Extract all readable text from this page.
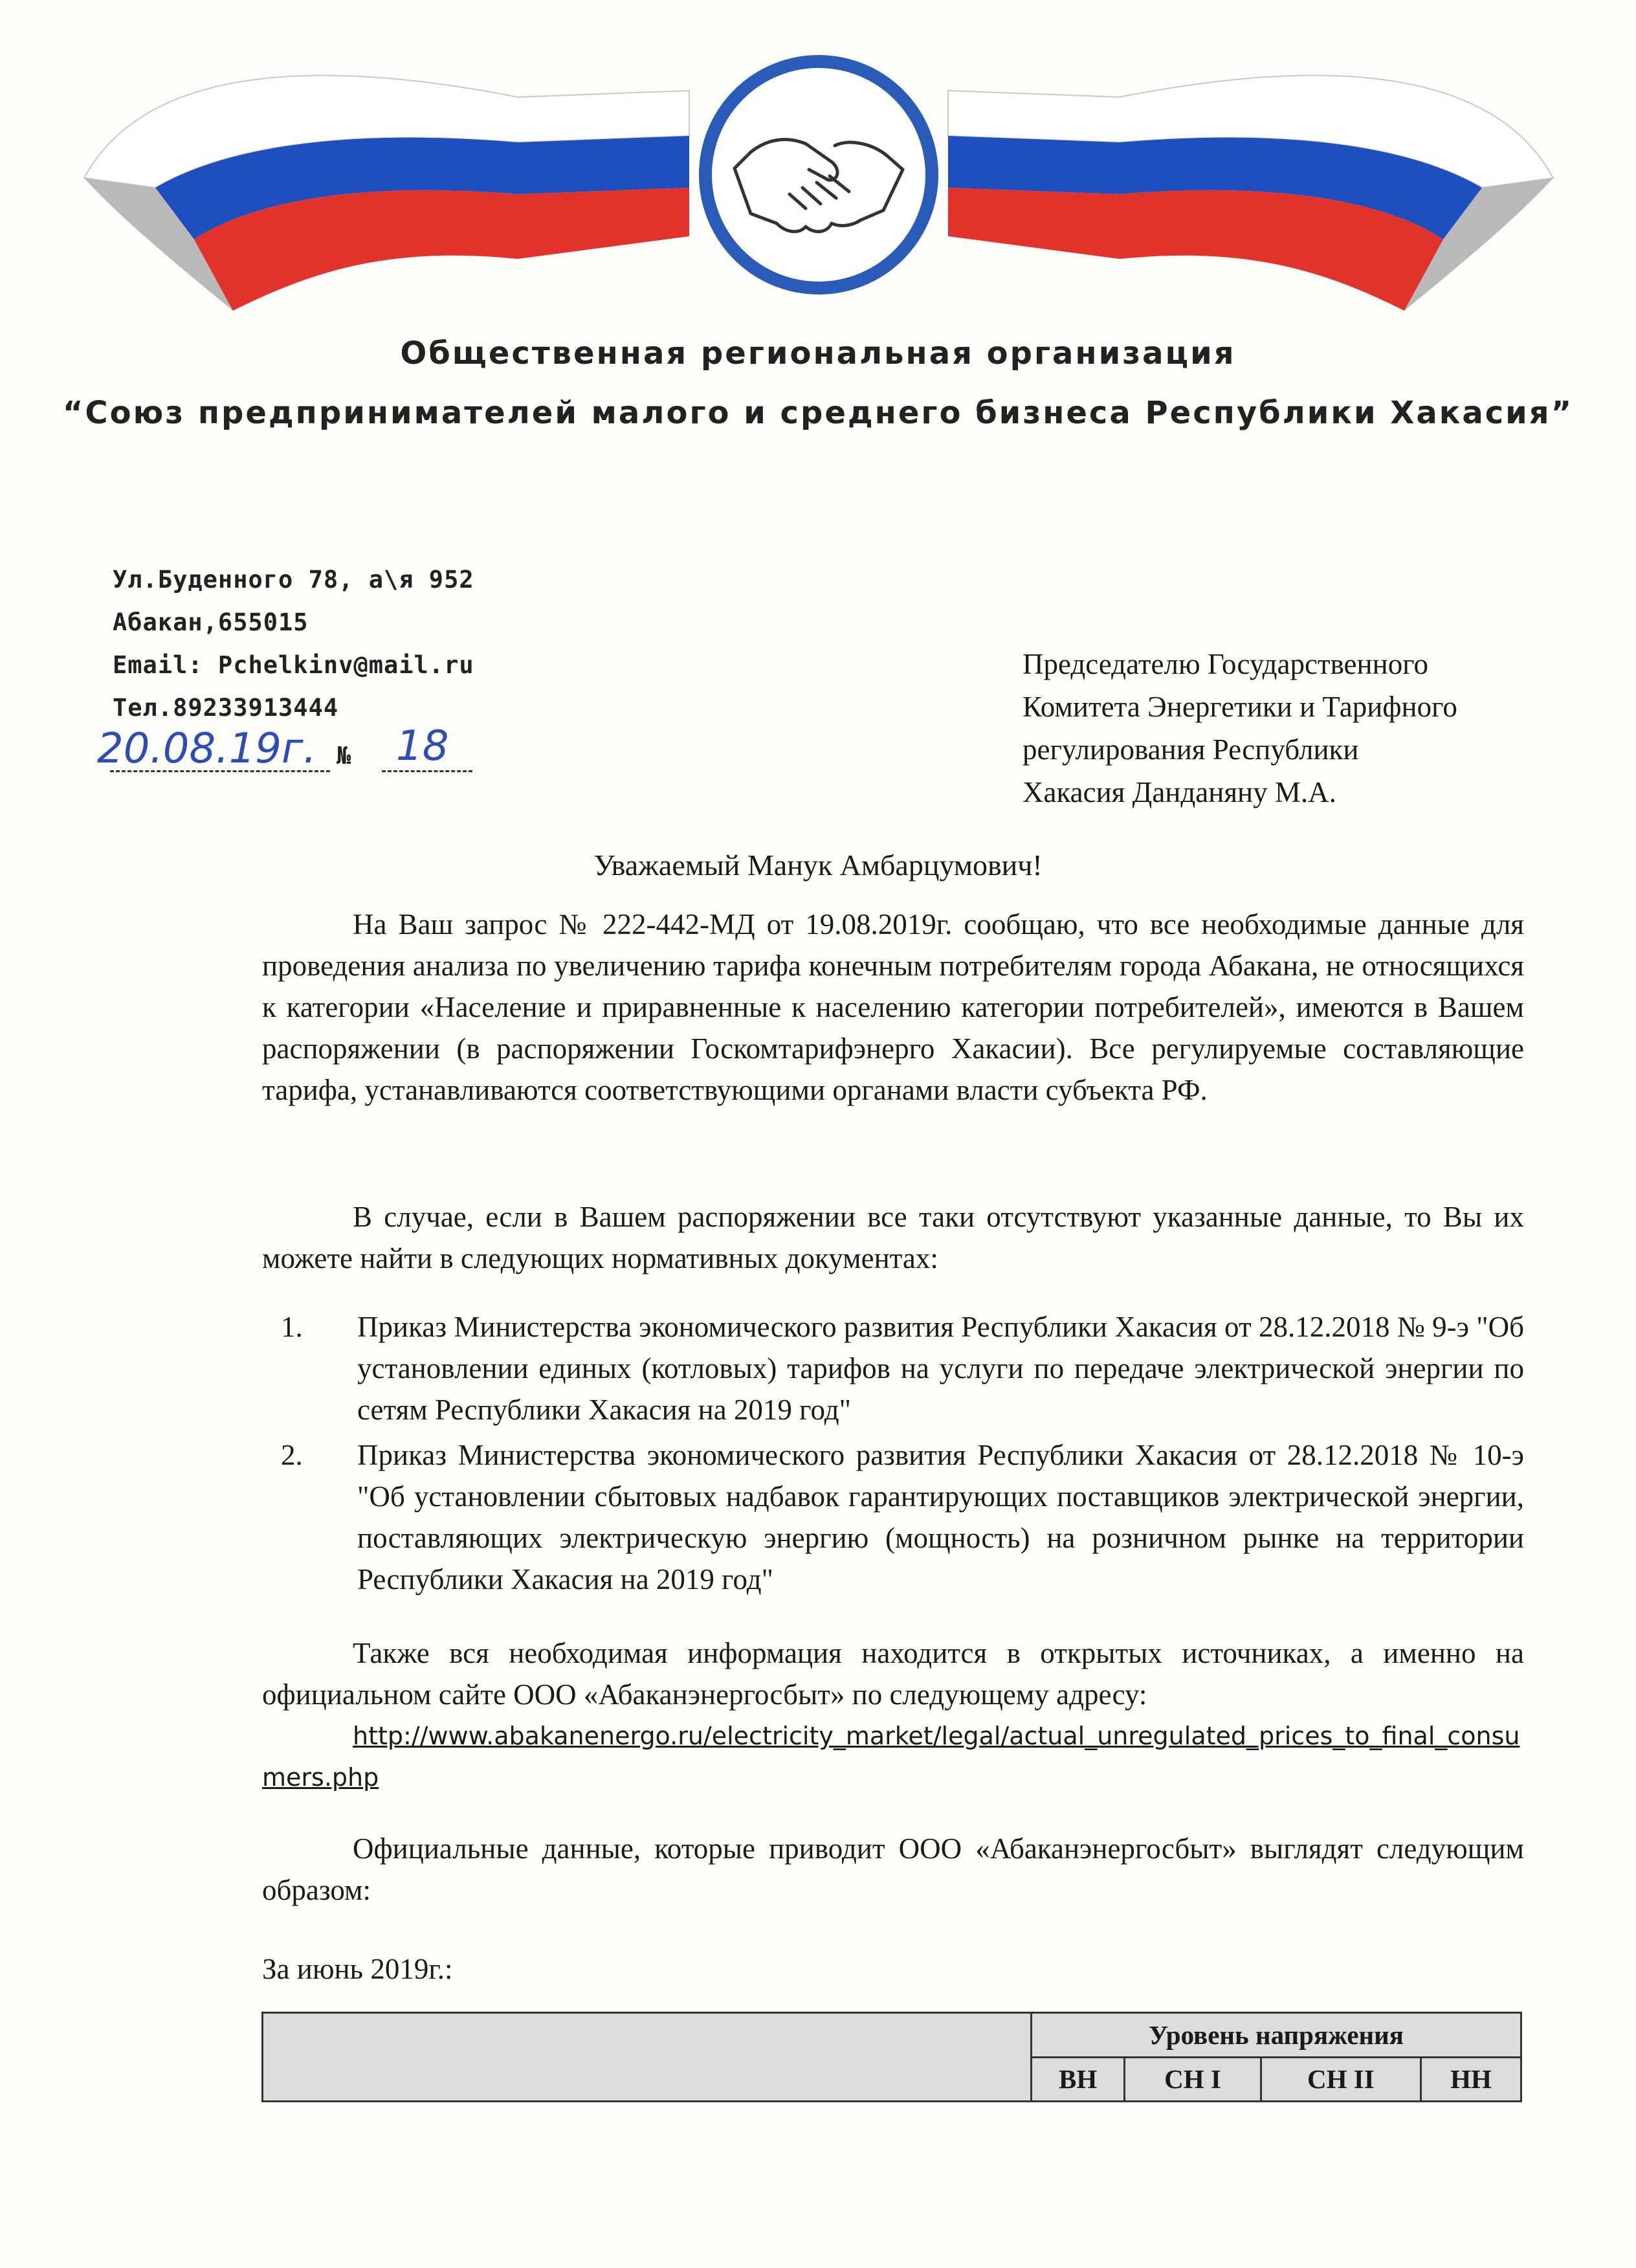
Общественная региональная организация
“Союз предпринимателей малого и среднего бизнеса Республики Хакасия”
Ул.Буденного 78, а\я 952
Абакан,655015
Email: Pchelkinv@mail.ru
Тел.89233913444
20.08.19г. № 18
Председателю Государственного
Комитета Энергетики и Тарифного
регулирования Республики
Хакасия Данданяну М.А.
Уважаемый Манук Амбарцумович!

На Ваш запрос № 222-442-МД от 19.08.2019г. сообщаю, что все необходимые данные для проведения анализа по увеличению тарифа конечным потребителям города Абакана, не относящихся к категории «Население и приравненные к населению категории потребителей», имеются в Вашем распоряжении (в распоряжении Госкомтарифэнерго Хакасии). Все регулируемые составляющие тарифа, устанавливаются соответствующими органами власти субъекта РФ.

В случае, если в Вашем распоряжении все таки отсутствуют указанные данные, то Вы их можете найти в следующих нормативных документах:

1.	Приказ Министерства экономического развития Республики Хакасия от 28.12.2018 № 9-э "Об установлении единых (котловых) тарифов на услуги по передаче электрической энергии по сетям Республики Хакасия на 2019 год"
2.	Приказ Министерства экономического развития Республики Хакасия от 28.12.2018 № 10-э "Об установлении сбытовых надбавок гарантирующих поставщиков электрической энергии, поставляющих электрическую энергию (мощность) на розничном рынке на территории Республики Хакасия на 2019 год"
Также вся необходимая информация находится в открытых источниках, а именно на официальном сайте ООО «Абаканэнергосбыт» по следующему адресу:
http://www.abakanenergo.ru/electricity_market/legal/actual_unregulated_prices_to_final_consumers.php

Официальные данные, которые приводит ООО «Абаканэнергосбыт» выглядят следующим образом:

За июнь 2019г.:

	Уровень напряжения			
	ВН	СН I	СН II	НН
